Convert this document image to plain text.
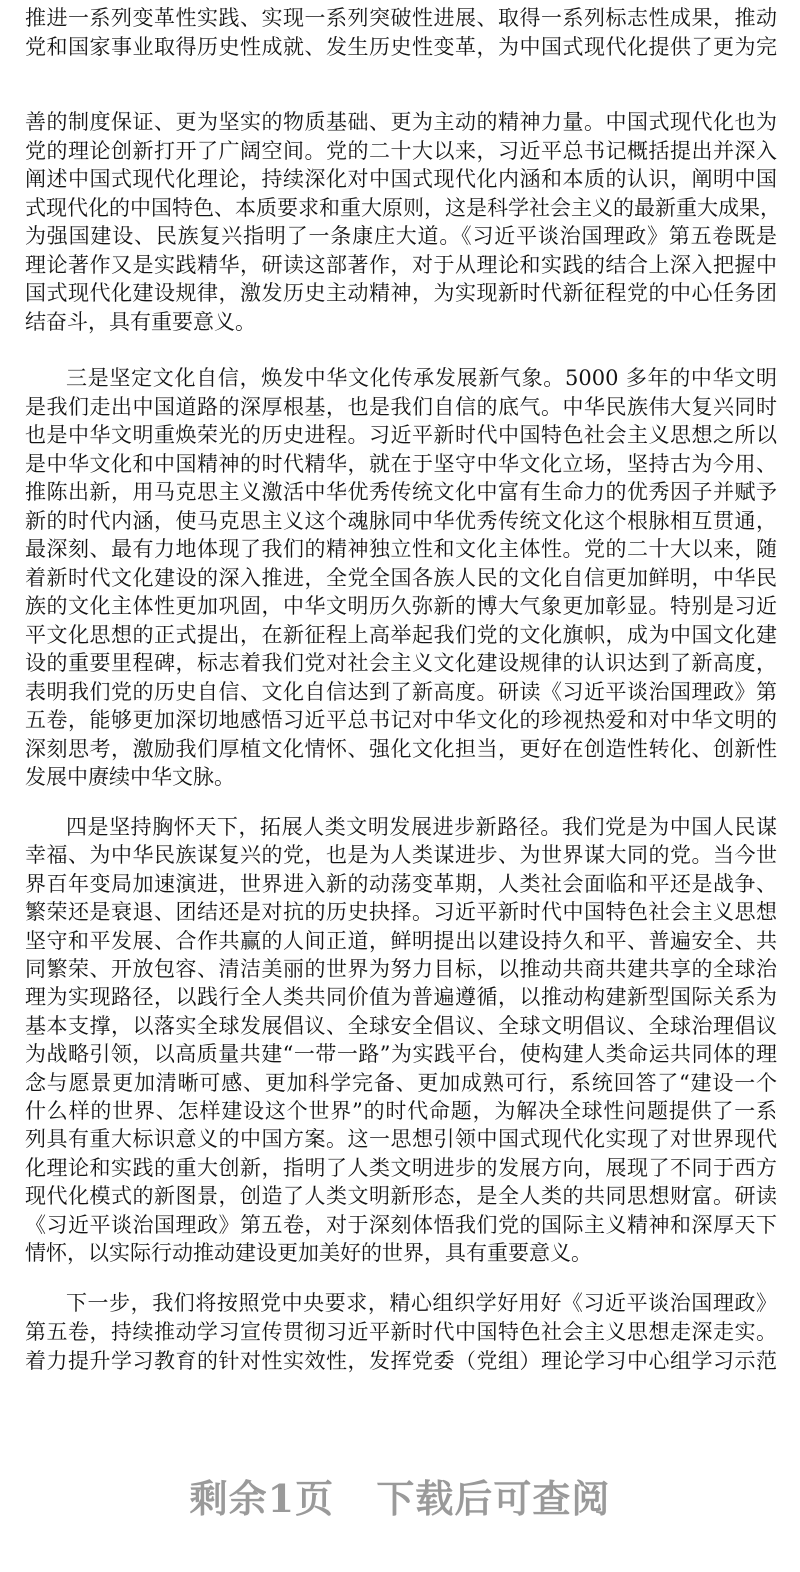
推进一系列变革性实践、实现一系列突破性进展、取得一系列标志性成果，推动
党和国家事业取得历史性成就、发生历史性变革，为中国式现代化提供了更为完
善的制度保证、更为坚实的物质基础、更为主动的精神力量。中国式现代化也为
党的理论创新打开了广阔空间。党的二十大以来，习近平总书记概括提出并深入
阐述中国式现代化理论，持续深化对中国式现代化内涵和本质的认识，阐明中国
式现代化的中国特色、本质要求和重大原则，这是科学社会主义的最新重大成果，
为强国建设、民族复兴指明了一条康庄大道。《习近平谈治国理政》第五卷既是
理论著作又是实践精华，研读这部著作，对于从理论和实践的结合上深入把握中
国式现代化建设规律，激发历史主动精神，为实现新时代新征程党的中心任务团
结奋斗，具有重要意义。
三是坚定文化自信，焕发中华文化传承发展新气象。5000 多年的中华文明
是我们走出中国道路的深厚根基，也是我们自信的底气。中华民族伟大复兴同时
也是中华文明重焕荣光的历史进程。习近平新时代中国特色社会主义思想之所以
是中华文化和中国精神的时代精华，就在于坚守中华文化立场，坚持古为今用、
推陈出新，用马克思主义激活中华优秀传统文化中富有生命力的优秀因子并赋予
新的时代内涵，使马克思主义这个魂脉同中华优秀传统文化这个根脉相互贯通，
最深刻、最有力地体现了我们的精神独立性和文化主体性。党的二十大以来，随
着新时代文化建设的深入推进，全党全国各族人民的文化自信更加鲜明，中华民
族的文化主体性更加巩固，中华文明历久弥新的博大气象更加彰显。特别是习近
平文化思想的正式提出，在新征程上高举起我们党的文化旗帜，成为中国文化建
设的重要里程碑，标志着我们党对社会主义文化建设规律的认识达到了新高度，
表明我们党的历史自信、文化自信达到了新高度。研读《习近平谈治国理政》第
五卷，能够更加深切地感悟习近平总书记对中华文化的珍视热爱和对中华文明的
深刻思考，激励我们厚植文化情怀、强化文化担当，更好在创造性转化、创新性
发展中赓续中华文脉。
四是坚持胸怀天下，拓展人类文明发展进步新路径。我们党是为中国人民谋
幸福、为中华民族谋复兴的党，也是为人类谋进步、为世界谋大同的党。当今世
界百年变局加速演进，世界进入新的动荡变革期，人类社会面临和平还是战争、
繁荣还是衰退、团结还是对抗的历史抉择。习近平新时代中国特色社会主义思想
坚守和平发展、合作共赢的人间正道，鲜明提出以建设持久和平、普遍安全、共
同繁荣、开放包容、清洁美丽的世界为努力目标，以推动共商共建共享的全球治
理为实现路径，以践行全人类共同价值为普遍遵循，以推动构建新型国际关系为
基本支撑，以落实全球发展倡议、全球安全倡议、全球文明倡议、全球治理倡议
为战略引领，以高质量共建“一带一路”为实践平台，使构建人类命运共同体的理
念与愿景更加清晰可感、更加科学完备、更加成熟可行，系统回答了“建设一个
什么样的世界、怎样建设这个世界”的时代命题，为解决全球性问题提供了一系
列具有重大标识意义的中国方案。这一思想引领中国式现代化实现了对世界现代
化理论和实践的重大创新，指明了人类文明进步的发展方向，展现了不同于西方
现代化模式的新图景，创造了人类文明新形态，是全人类的共同思想财富。研读
《习近平谈治国理政》第五卷，对于深刻体悟我们党的国际主义精神和深厚天下
情怀，以实际行动推动建设更加美好的世界，具有重要意义。
下一步，我们将按照党中央要求，精心组织学好用好《习近平谈治国理政》
第五卷，持续推动学习宣传贯彻习近平新时代中国特色社会主义思想走深走实。
着力提升学习教育的针对性实效性，发挥党委（党组）理论学习中心组学习示范
剩余1页 下载后可查阅
